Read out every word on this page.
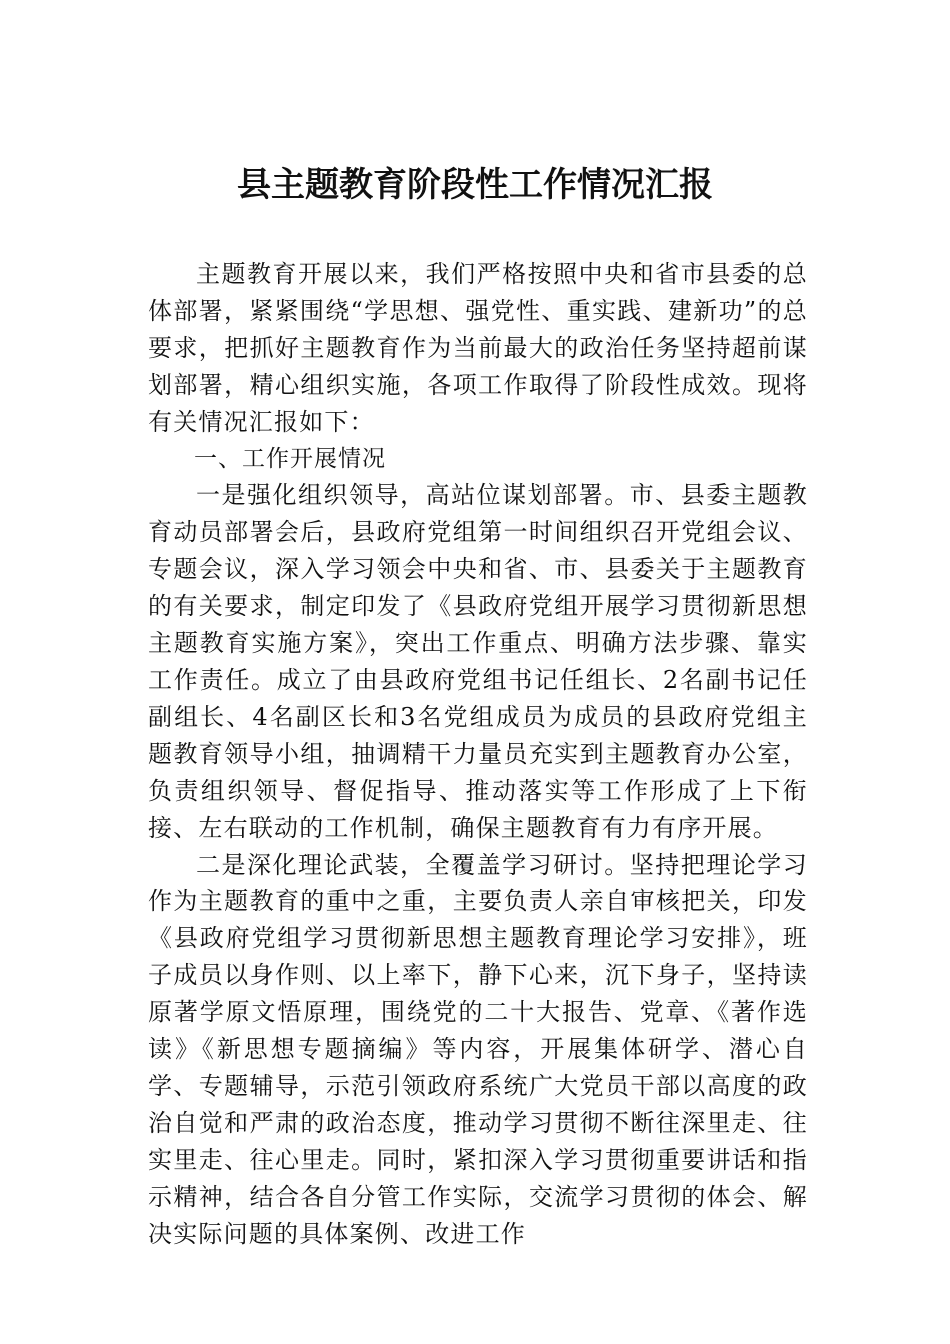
县主题教育阶段性工作情况汇报

主题教育开展以来，我们严格按照中央和省市县委的总体部署，紧紧围绕“学思想、强党性、重实践、建新功”的总要求，把抓好主题教育作为当前最大的政治任务坚持超前谋划部署，精心组织实施，各项工作取得了阶段性成效。现将有关情况汇报如下：

一、工作开展情况

一是强化组织领导，高站位谋划部署。市、县委主题教育动员部署会后，县政府党组第一时间组织召开党组会议、专题会议，深入学习领会中央和省、市、县委关于主题教育的有关要求，制定印发了《县政府党组开展学习贯彻新思想主题教育实施方案》，突出工作重点、明确方法步骤、靠实工作责任。成立了由县政府党组书记任组长、2名副书记任副组长、4名副区长和3名党组成员为成员的县政府党组主题教育领导小组，抽调精干力量员充实到主题教育办公室，负责组织领导、督促指导、推动落实等工作形成了上下衔接、左右联动的工作机制，确保主题教育有力有序开展。

二是深化理论武装，全覆盖学习研讨。坚持把理论学习作为主题教育的重中之重，主要负责人亲自审核把关，印发《县政府党组学习贯彻新思想主题教育理论学习安排》，班子成员以身作则、以上率下，静下心来，沉下身子，坚持读原著学原文悟原理，围绕党的二十大报告、党章、《著作选读》《新思想专题摘编》等内容，开展集体研学、潜心自学、专题辅导，示范引领政府系统广大党员干部以高度的政治自觉和严肃的政治态度，推动学习贯彻不断往深里走、往实里走、往心里走。同时，紧扣深入学习贯彻重要讲话和指示精神，结合各自分管工作实际，交流学习贯彻的体会、解决实际问题的具体案例、改进工作
